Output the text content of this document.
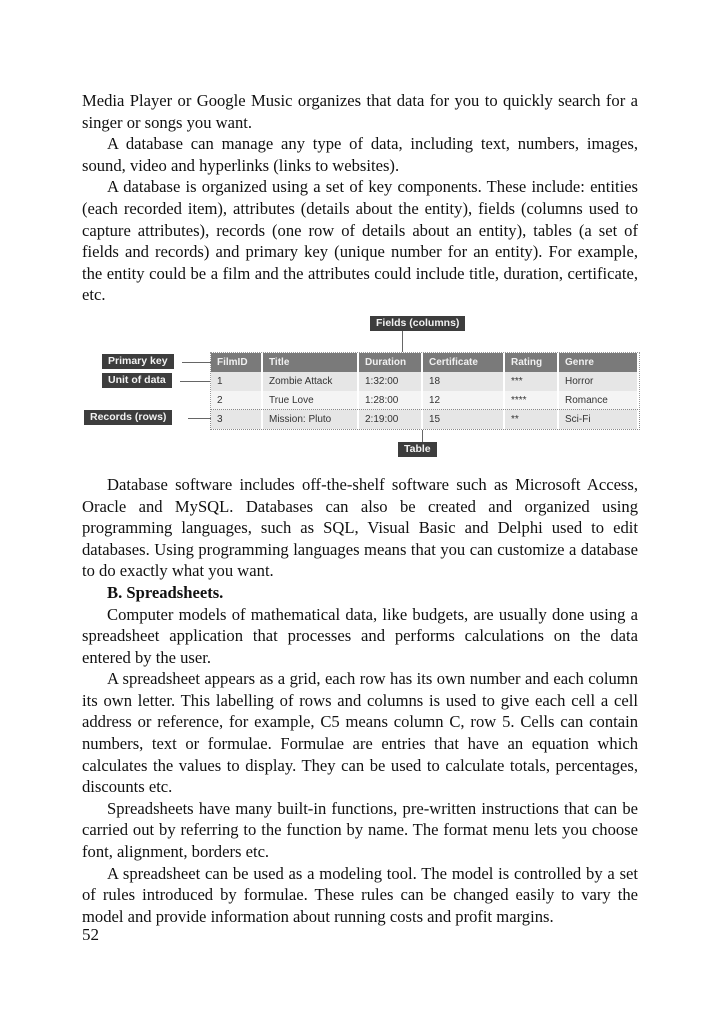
Media Player or Google Music organizes that data for you to quickly search for a singer or songs you want.

A database can manage any type of data, including text, numbers, images, sound, video and hyperlinks (links to websites).

A database is organized using a set of key components. These include: entities (each recorded item), attributes (details about the entity), fields (columns used to capture attributes), records (one row of details about an entity), tables (a set of fields and records) and primary key (unique number for an entity). For example, the entity could be a film and the attributes could include title, duration, certificate, etc.

Fields (columns)
Primary key
Unit of data
Records (rows)
FilmID	Title	Duration	Certificate	Rating	Genre
1	Zombie Attack	1:32:00	18	***	Horror
2	True Love	1:28:00	12	****	Romance
3	Mission: Pluto	2:19:00	15	**	Sci-Fi
Table

Database software includes off-the-shelf software such as Microsoft Access, Oracle and MySQL. Databases can also be created and organized using programming languages, such as SQL, Visual Basic and Delphi used to edit databases. Using programming languages means that you can customize a database to do exactly what you want.

B. Spreadsheets.

Computer models of mathematical data, like budgets, are usually done using a spreadsheet application that processes and performs calculations on the data entered by the user.

A spreadsheet appears as a grid, each row has its own number and each column its own letter. This labelling of rows and columns is used to give each cell a cell address or reference, for example, C5 means column C, row 5. Cells can contain numbers, text or formulae. Formulae are entries that have an equation which calculates the values to display. They can be used to calculate totals, percentages, discounts etc.

Spreadsheets have many built-in functions, pre-written instructions that can be carried out by referring to the function by name. The format menu lets you choose font, alignment, borders etc.

A spreadsheet can be used as a modeling tool. The model is controlled by a set of rules introduced by formulae. These rules can be changed easily to vary the model and provide information about running costs and profit margins.

52
